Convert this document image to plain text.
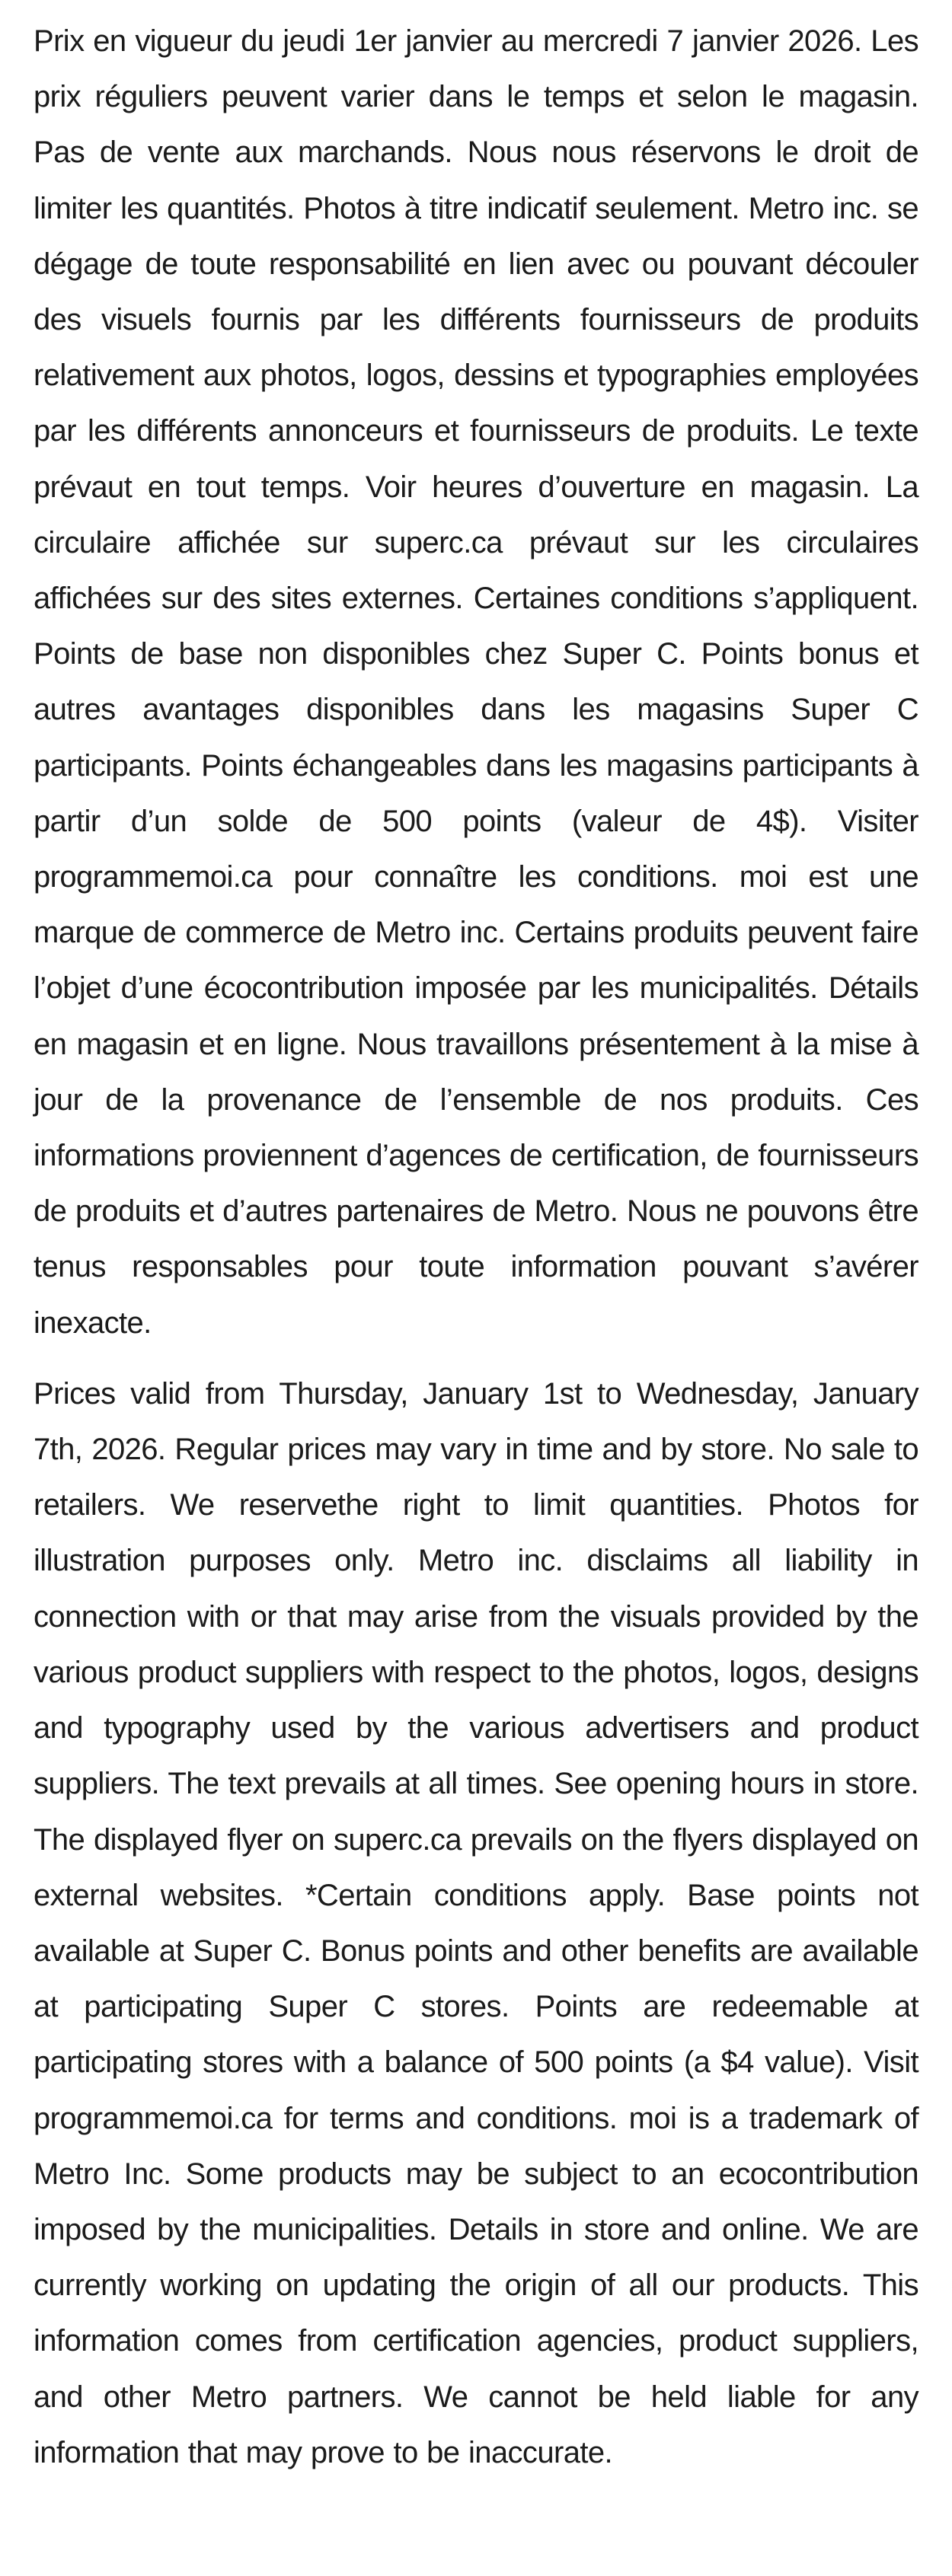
Prix en vigueur du jeudi 1er janvier au mercredi 7 janvier 2026. Les prix réguliers peuvent varier dans le temps et selon le magasin. Pas de vente aux marchands. Nous nous réservons le droit de limiter les quantités. Photos à titre indicatif seulement. Metro inc. se dégage de toute responsabilité en lien avec ou pouvant découler des visuels fournis par les différents fournisseurs de produits relativement aux photos, logos, dessins et typographies employées par les différents annonceurs et fournisseurs de produits. Le texte prévaut en tout temps. Voir heures d’ouverture en magasin. La circulaire affichée sur superc.ca prévaut sur les circulaires affichées sur des sites externes. Certaines conditions s’appliquent. Points de base non disponibles chez Super C. Points bonus et autres avantages disponibles dans les magasins Super C participants. Points échangeables dans les magasins participants à partir d’un solde de 500 points (valeur de 4$). Visiter programmemoi.ca pour connaître les conditions. moi est une marque de commerce de Metro inc. Certains produits peuvent faire l’objet d’une écocontribution imposée par les municipalités. Détails en magasin et en ligne. Nous travaillons présentement à la mise à jour de la provenance de l’ensemble de nos produits. Ces informations proviennent d’agences de certification, de fournisseurs de produits et d’autres partenaires de Metro. Nous ne pouvons être tenus responsables pour toute information pouvant s’avérer inexacte.

Prices valid from Thursday, January 1st to Wednesday, January 7th, 2026. Regular prices may vary in time and by store. No sale to retailers. We reservethe right to limit quantities. Photos for illustration purposes only. Metro inc. disclaims all liability in connection with or that may arise from the visuals provided by the various product suppliers with respect to the photos, logos, designs and typography used by the various advertisers and product suppliers. The text prevails at all times. See opening hours in store. The displayed flyer on superc.ca prevails on the flyers displayed on external websites. *Certain conditions apply. Base points not available at Super C. Bonus points and other benefits are available at participating Super C stores. Points are redeemable at participating stores with a balance of 500 points (a $4 value). Visit programmemoi.ca for terms and conditions. moi is a trademark of Metro Inc. Some products may be subject to an ecocontribution imposed by the municipalities. Details in store and online. We are currently working on updating the origin of all our products. This information comes from certification agencies, product suppliers, and other Metro partners. We cannot be held liable for any information that may prove to be inaccurate.
